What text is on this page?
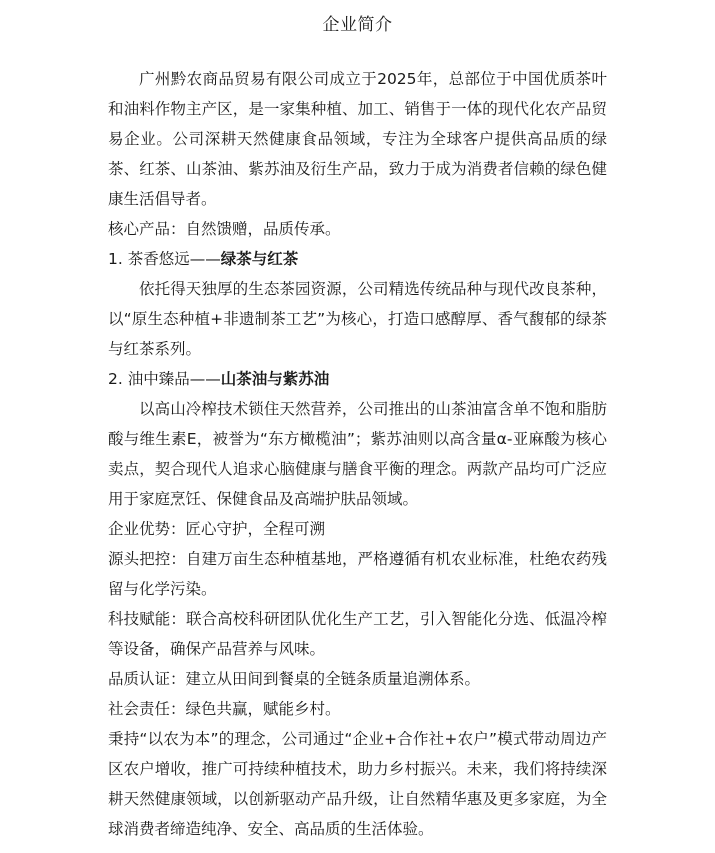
企业简介

广州黔农商品贸易有限公司成立于2025年，总部位于中国优质茶叶和油料作物主产区，是一家集种植、加工、销售于一体的现代化农产品贸易企业。公司深耕天然健康食品领域，专注为全球客户提供高品质的绿茶、红茶、山茶油、紫苏油及衍生产品，致力于成为消费者信赖的绿色健康生活倡导者。

核心产品：自然馈赠，品质传承。

1. 茶香悠远——绿茶与红茶

依托得天独厚的生态茶园资源，公司精选传统品种与现代改良茶种，以“原生态种植+非遗制茶工艺”为核心，打造口感醇厚、香气馥郁的绿茶与红茶系列。

2. 油中臻品——山茶油与紫苏油

以高山冷榨技术锁住天然营养，公司推出的山茶油富含单不饱和脂肪酸与维生素E，被誉为“东方橄榄油”；紫苏油则以高含量α-亚麻酸为核心卖点，契合现代人追求心脑健康与膳食平衡的理念。两款产品均可广泛应用于家庭烹饪、保健食品及高端护肤品领域。

企业优势：匠心守护，全程可溯

源头把控：自建万亩生态种植基地，严格遵循有机农业标准，杜绝农药残留与化学污染。

科技赋能：联合高校科研团队优化生产工艺，引入智能化分选、低温冷榨等设备，确保产品营养与风味。

品质认证：建立从田间到餐桌的全链条质量追溯体系。

社会责任：绿色共赢，赋能乡村。

秉持“以农为本”的理念，公司通过“企业+合作社+农户”模式带动周边产区农户增收，推广可持续种植技术，助力乡村振兴。未来，我们将持续深耕天然健康领域，以创新驱动产品升级，让自然精华惠及更多家庭，为全球消费者缔造纯净、安全、高品质的生活体验。
